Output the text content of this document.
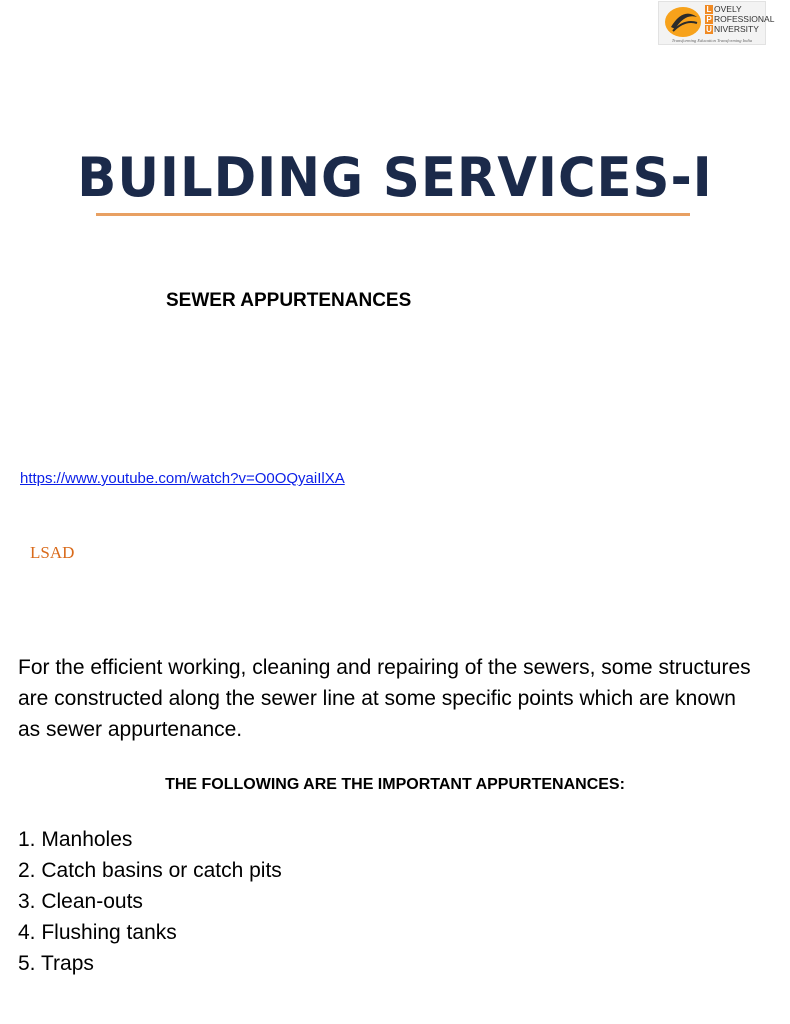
L OVELY
P ROFESSIONAL
U NIVERSITY
Transforming Education Transforming India
BUILDING SERVICES-I
SEWER APPURTENANCES
https://www.youtube.com/watch?v=O0OQyaiIlXA
LSAD
For the efficient working, cleaning and repairing of the sewers, some structures are constructed along the sewer line at some specific points which are known as sewer appurtenance.
THE FOLLOWING ARE THE IMPORTANT APPURTENANCES:
1. Manholes
2. Catch basins or catch pits
3. Clean-outs
4. Flushing tanks
5. Traps
